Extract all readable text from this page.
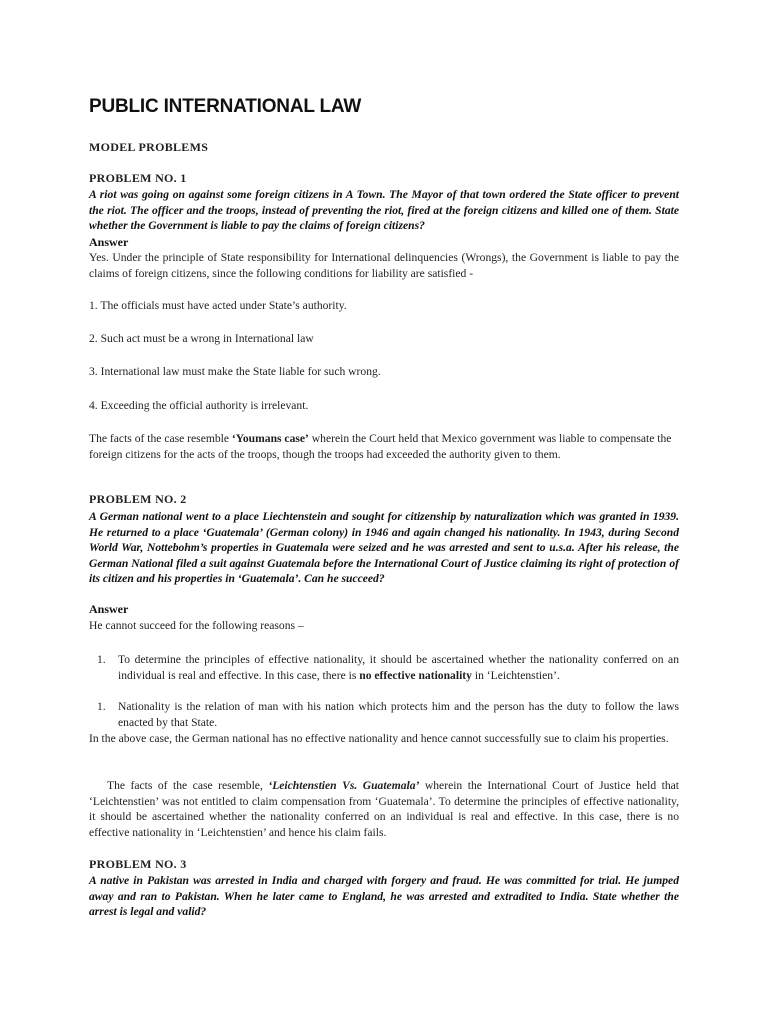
PUBLIC INTERNATIONAL LAW
MODEL PROBLEMS
PROBLEM NO. 1

A riot was going on against some foreign citizens in A Town. The Mayor of that town ordered the State officer to prevent the riot. The officer and the troops, instead of preventing the riot, fired at the foreign citizens and killed one of them. State whether the Government is liable to pay the claims of foreign citizens?

Answer

Yes. Under the principle of State responsibility for International delinquencies (Wrongs), the Government is liable to pay the claims of foreign citizens, since the following conditions for liability are satisfied -

1. The officials must have acted under State’s authority.
2. Such act must be a wrong in International law
3. International law must make the State liable for such wrong.
4. Exceeding the official authority is irrelevant.

The facts of the case resemble ‘Youmans case’ wherein the Court held that Mexico government was liable to compensate the foreign citizens for the acts of the troops, though the troops had exceeded the authority given to them.

PROBLEM NO. 2

A German national went to a place Liechtenstein and sought for citizenship by naturalization which was granted in 1939. He returned to a place ‘Guatemala’ (German colony) in 1946 and again changed his nationality. In 1943, during Second World War, Nottebohm’s properties in Guatemala were seized and he was arrested and sent to u.s.a. After his release, the German National filed a suit against Guatemala before the International Court of Justice claiming its right of protection of its citizen and his properties in ‘Guatemala’. Can he succeed?

Answer

He cannot succeed for the following reasons –

1. To determine the principles of effective nationality, it should be ascertained whether the nationality conferred on an individual is real and effective. In this case, there is no effective nationality in ‘Leichtenstien’.
1. Nationality is the relation of man with his nation which protects him and the person has the duty to follow the laws enacted by that State.

In the above case, the German national has no effective nationality and hence cannot successfully sue to claim his properties.

The facts of the case resemble, ‘Leichtenstien Vs. Guatemala’ wherein the International Court of Justice held that ‘Leichtenstien’ was not entitled to claim compensation from ‘Guatemala’. To determine the principles of effective nationality, it should be ascertained whether the nationality conferred on an individual is real and effective. In this case, there is no effective nationality in ‘Leichtenstien’ and hence his claim fails.

PROBLEM NO. 3

A native in Pakistan was arrested in India and charged with forgery and fraud. He was committed for trial. He jumped away and ran to Pakistan. When he later came to England, he was arrested and extradited to India. State whether the arrest is legal and valid?
